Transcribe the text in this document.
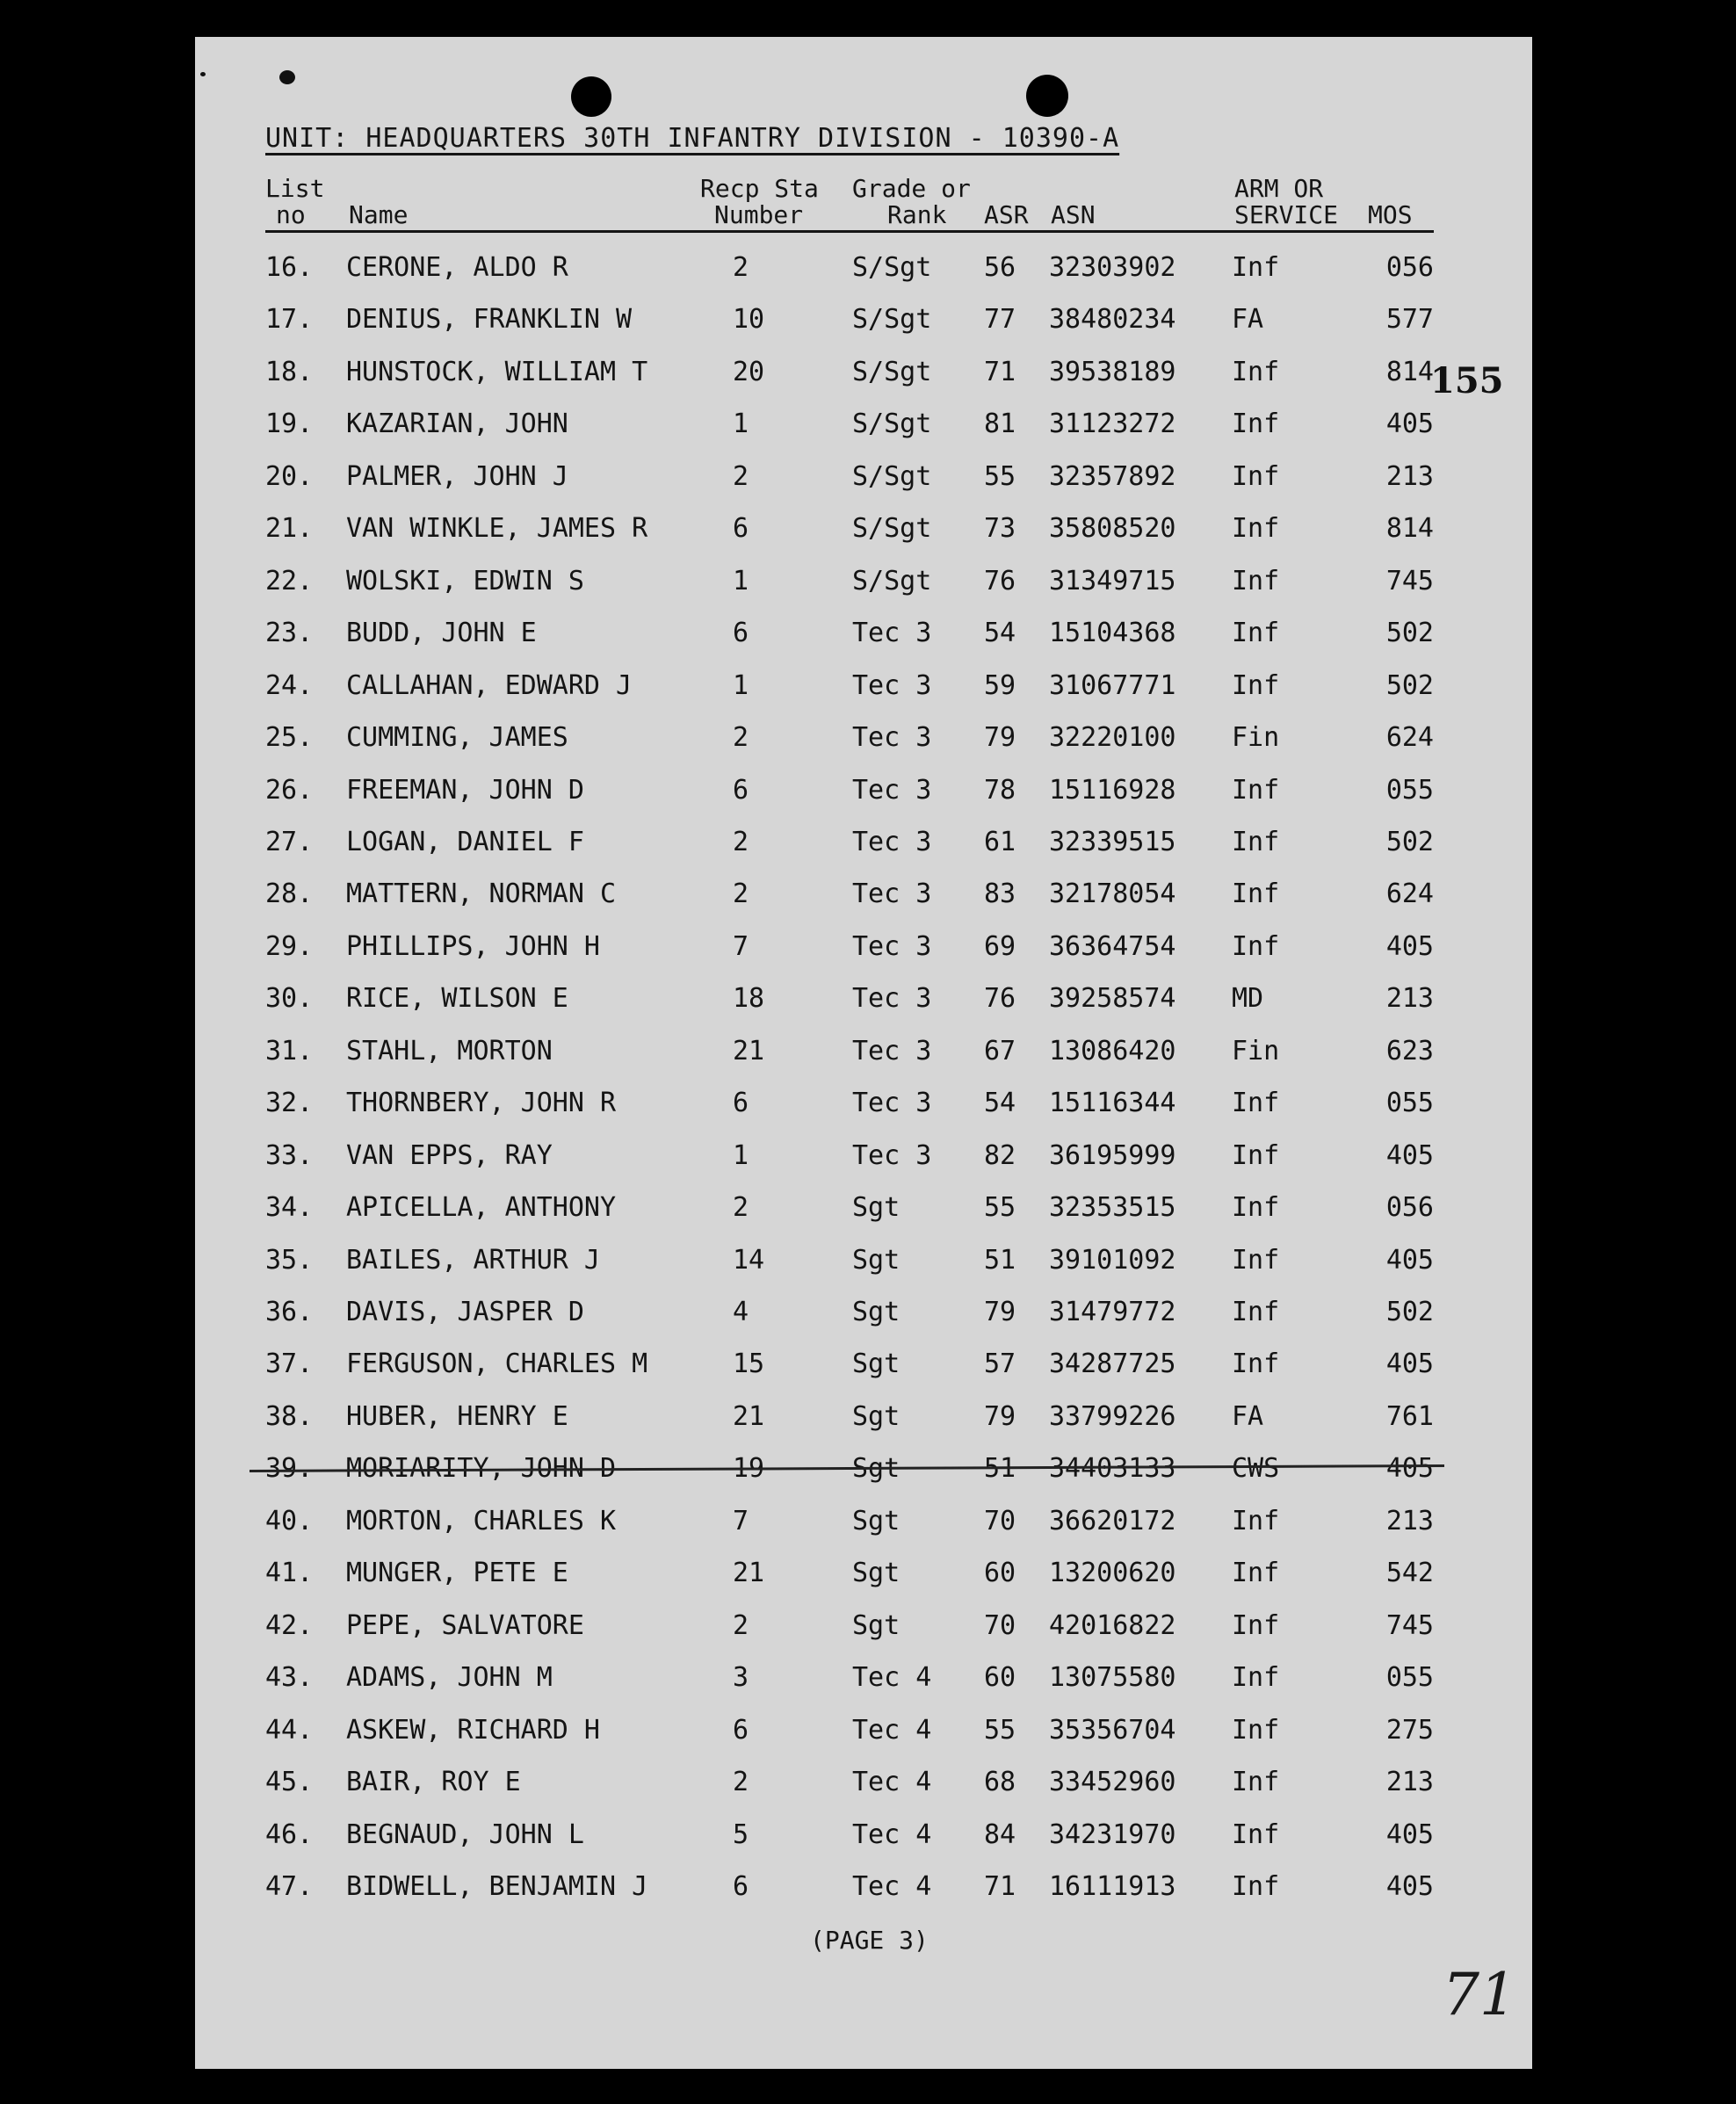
UNIT: HEADQUARTERS 30TH INFANTRY DIVISION - 10390-A
List
no	Name
Recp Sta
Number
Grade or
Rank	ASR ASN
ARM OR
SERVICE MOS
16. CERONE, ALDO R	2	S/Sgt 56	32303902 Inf	056
17. DENIUS, FRANKLIN W	10	S/Sgt 77	38480234 FA	577
18. HUNSTOCK, WILLIAM T	20	S/Sgt 71	39538189 Inf	814
19. KAZARIAN, JOHN	1	S/Sgt 81	31123272 Inf	405
20. PALMER, JOHN J	2	S/Sgt 55	32357892 Inf	213
21. VAN WINKLE, JAMES R	6	S/Sgt 73	35808520 Inf	814
22. WOLSKI, EDWIN S	1	S/Sgt 76	31349715 Inf	745
23. BUDD, JOHN E	6	Tec 3 54	15104368 Inf	502
24. CALLAHAN, EDWARD J	1	Tec 3 59	31067771 Inf	502
25. CUMMING, JAMES	2	Tec 3 79	32220100 Fin	624
26. FREEMAN, JOHN D	6	Tec 3 78	15116928 Inf	055
27. LOGAN, DANIEL F	2	Tec 3 61	32339515 Inf	502
28. MATTERN, NORMAN C	2	Tec 3 83	32178054 Inf	624
29. PHILLIPS, JOHN H	7	Tec 3 69	36364754 Inf	405
30. RICE, WILSON E	18	Tec 3 76	39258574 MD	213
31. STAHL, MORTON	21	Tec 3 67	13086420 Fin	623
32. THORNBERY, JOHN R	6	Tec 3 54	15116344 Inf	055
33. VAN EPPS, RAY	1	Tec 3 82	36195999 Inf	405
34. APICELLA, ANTHONY	2	Sgt	55	32353515 Inf	056
35. BAILES, ARTHUR J	14	Sgt	51	39101092 Inf	405
36. DAVIS, JASPER D	4	Sgt	79	31479772 Inf	502
37. FERGUSON, CHARLES M	15	Sgt	57	34287725 Inf	405
38. HUBER, HENRY E	21	Sgt	79	33799226 FA	761
39. MORIARITY, JOHN D	19	Sgt	51	34403133 CWS	405
40. MORTON, CHARLES K	7	Sgt	70	36620172 Inf	213
41. MUNGER, PETE E	21	Sgt	60	13200620 Inf	542
42. PEPE, SALVATORE	2	Sgt	70	42016822 Inf	745
43. ADAMS, JOHN M	3	Tec 4 60	13075580 Inf	055
44. ASKEW, RICHARD H	6	Tec 4 55	35356704 Inf	275
45. BAIR, ROY E	2	Tec 4 68	33452960 Inf	213
46. BEGNAUD, JOHN L	5	Tec 4 84	34231970 Inf	405
47. BIDWELL, BENJAMIN J	6	Tec 4 71	16111913 Inf	405
(PAGE 3)
155
71
